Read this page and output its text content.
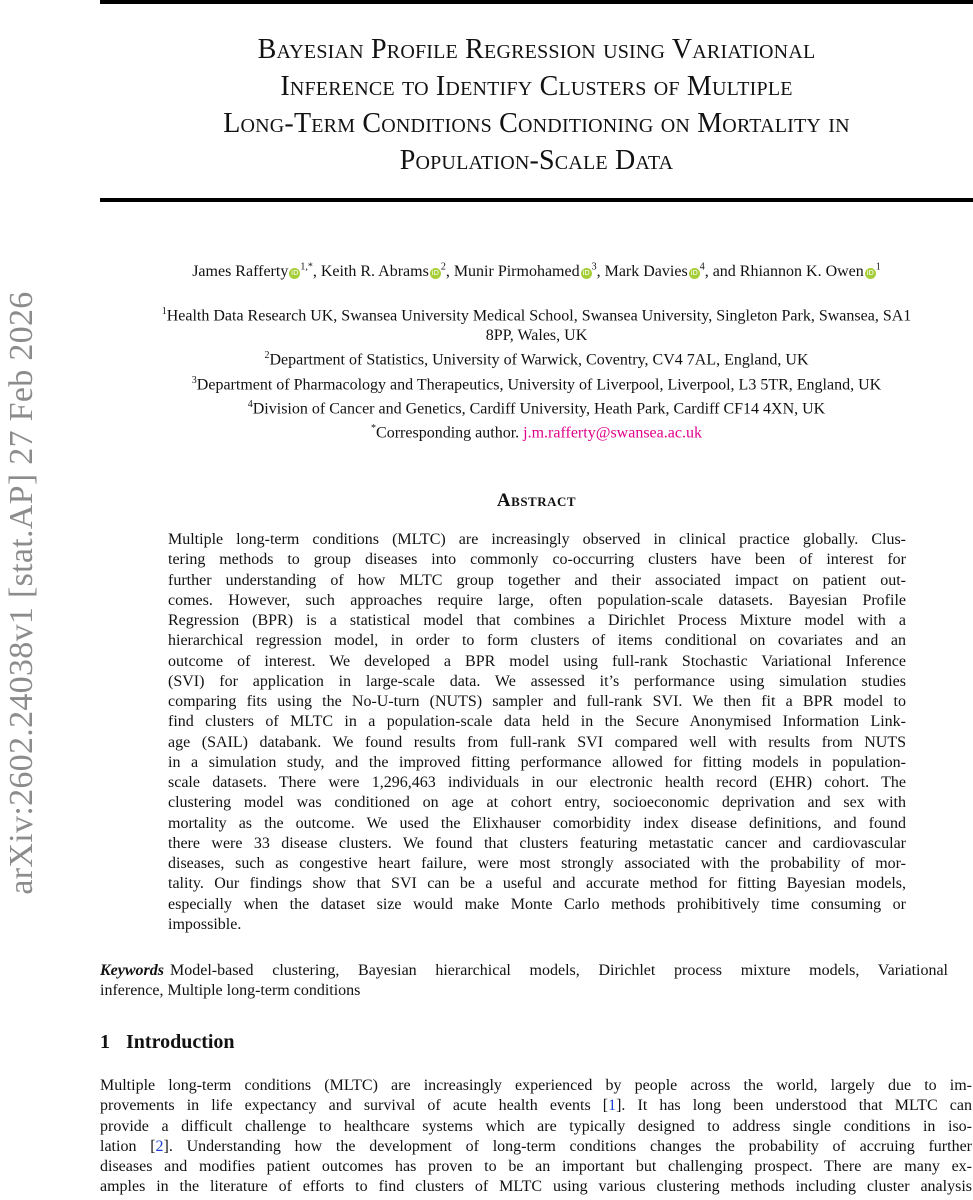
arXiv:2602.24038v1 [stat.AP] 27 Feb 2026
Bayesian Profile Regression using Variational
Inference to Identify Clusters of Multiple
Long-Term Conditions Conditioning on Mortality in
Population-Scale Data
James Rafferty $iD^{1,*}$, Keith R. Abrams $iD^2$, Munir Pirmohamed $iD^3$, Mark Davies $iD^4$, and Rhiannon K. Owen $iD^1$
$^1$Health Data Research UK, Swansea University Medical School, Swansea University, Singleton Park, Swansea, SA1
8PP, Wales, UK
$^2$Department of Statistics, University of Warwick, Coventry, CV4 7AL, England, UK
$^3$Department of Pharmacology and Therapeutics, University of Liverpool, Liverpool, L3 5TR, England, UK
$^4$Division of Cancer and Genetics, Cardiff University, Heath Park, Cardiff CF14 4XN, UK
*Corresponding author. j.m.rafferty@swansea.ac.uk
Abstract
Multiple long-term conditions (MLTC) are increasingly observed in clinical practice globally. Clus-
tering methods to group diseases into commonly co-occurring clusters have been of interest for
further understanding of how MLTC group together and their associated impact on patient out-
comes. However, such approaches require large, often population-scale datasets. Bayesian Profile
Regression (BPR) is a statistical model that combines a Dirichlet Process Mixture model with a
hierarchical regression model, in order to form clusters of items conditional on covariates and an
outcome of interest. We developed a BPR model using full-rank Stochastic Variational Inference
(SVI) for application in large-scale data. We assessed it’s performance using simulation studies
comparing fits using the No-U-turn (NUTS) sampler and full-rank SVI. We then fit a BPR model to
find clusters of MLTC in a population-scale data held in the Secure Anonymised Information Link-
age (SAIL) databank. We found results from full-rank SVI compared well with results from NUTS
in a simulation study, and the improved fitting performance allowed for fitting models in population-
scale datasets. There were 1,296,463 individuals in our electronic health record (EHR) cohort. The
clustering model was conditioned on age at cohort entry, socioeconomic deprivation and sex with
mortality as the outcome. We used the Elixhauser comorbidity index disease definitions, and found
there were 33 disease clusters. We found that clusters featuring metastatic cancer and cardiovascular
diseases, such as congestive heart failure, were most strongly associated with the probability of mor-
tality. Our findings show that SVI can be a useful and accurate method for fitting Bayesian models,
especially when the dataset size would make Monte Carlo methods prohibitively time consuming or
impossible.
Keywords Model-based clustering, Bayesian hierarchical models, Dirichlet process mixture models, Variational
inference, Multiple long-term conditions
1 Introduction
Multiple long-term conditions (MLTC) are increasingly experienced by people across the world, largely due to im-
provements in life expectancy and survival of acute health events [1]. It has long been understood that MLTC can
provide a difficult challenge to healthcare systems which are typically designed to address single conditions in iso-
lation [2]. Understanding how the development of long-term conditions changes the probability of accruing further
diseases and modifies patient outcomes has proven to be an important but challenging prospect. There are many ex-
amples in the literature of efforts to find clusters of MLTC using various clustering methods including cluster analysis
